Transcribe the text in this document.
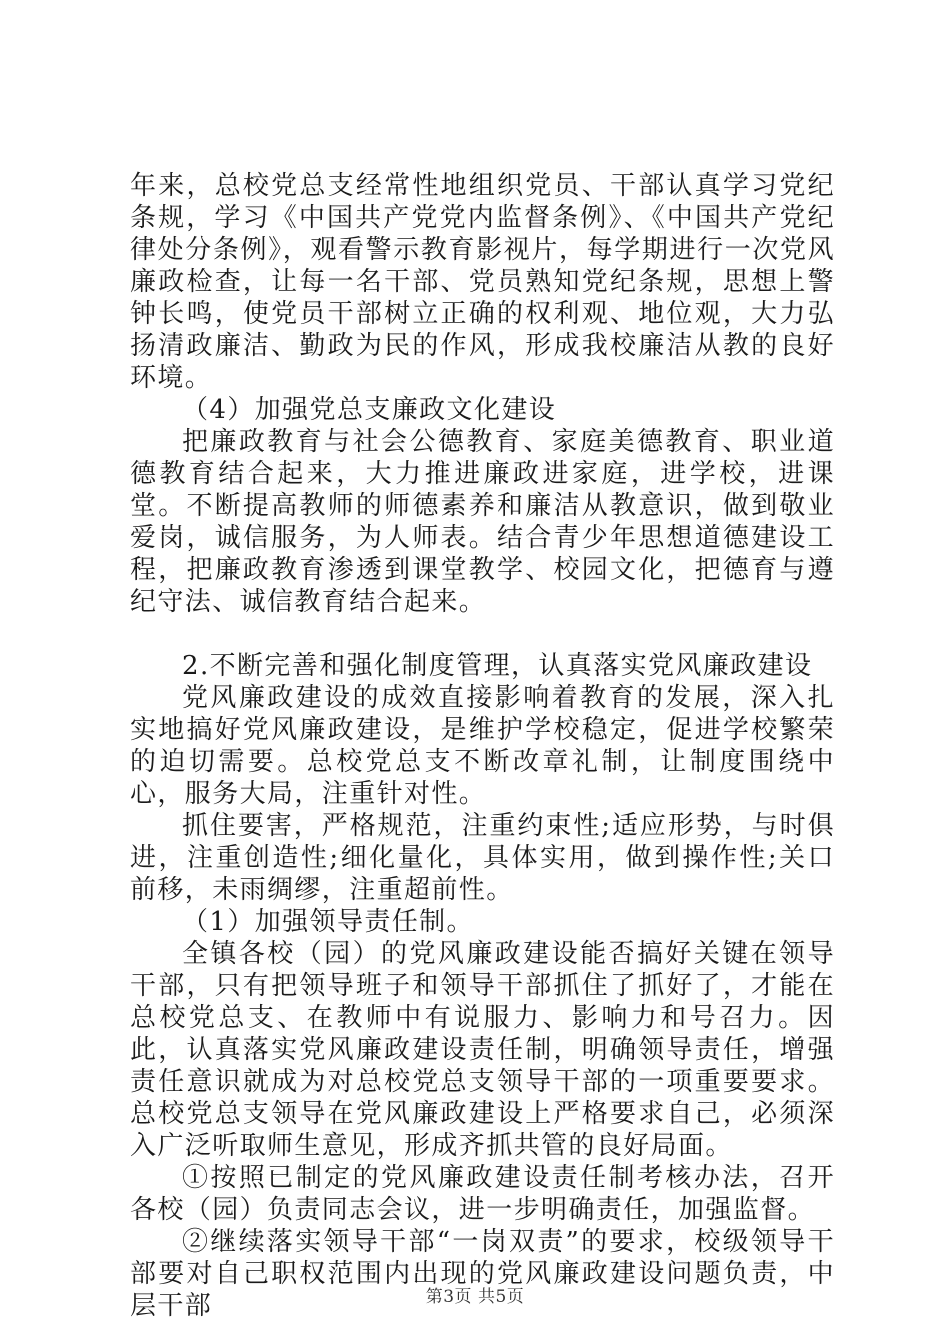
年来，总校党总支经常性地组织党员、干部认真学习党纪条规，学习《中国共产党党内监督条例》、《中国共产党纪律处分条例》，观看警示教育影视片，每学期进行一次党风廉政检查，让每一名干部、党员熟知党纪条规，思想上警钟长鸣，使党员干部树立正确的权利观、地位观，大力弘扬清政廉洁、勤政为民的作风，形成我校廉洁从教的良好环境。

（4）加强党总支廉政文化建设

把廉政教育与社会公德教育、家庭美德教育、职业道德教育结合起来，大力推进廉政进家庭，进学校，进课堂。不断提高教师的师德素养和廉洁从教意识，做到敬业爱岗，诚信服务，为人师表。结合青少年思想道德建设工程，把廉政教育渗透到课堂教学、校园文化，把德育与遵纪守法、诚信教育结合起来。

2.不断完善和强化制度管理，认真落实党风廉政建设

党风廉政建设的成效直接影响着教育的发展，深入扎实地搞好党风廉政建设，是维护学校稳定，促进学校繁荣的迫切需要。总校党总支不断改章礼制，让制度围绕中心，服务大局，注重针对性。

抓住要害，严格规范，注重约束性;适应形势，与时俱进，注重创造性;细化量化，具体实用，做到操作性;关口前移，未雨绸缪，注重超前性。

（1）加强领导责任制。

全镇各校（园）的党风廉政建设能否搞好关键在领导干部，只有把领导班子和领导干部抓住了抓好了，才能在总校党总支、在教师中有说服力、影响力和号召力。因此，认真落实党风廉政建设责任制，明确领导责任，增强责任意识就成为对总校党总支领导干部的一项重要要求。总校党总支领导在党风廉政建设上严格要求自己，必须深入广泛听取师生意见，形成齐抓共管的良好局面。

①按照已制定的党风廉政建设责任制考核办法，召开各校（园）负责同志会议，进一步明确责任，加强监督。

②继续落实领导干部“一岗双责”的要求，校级领导干部要对自己职权范围内出现的党风廉政建设问题负责，中层干部	第3页 共5页
